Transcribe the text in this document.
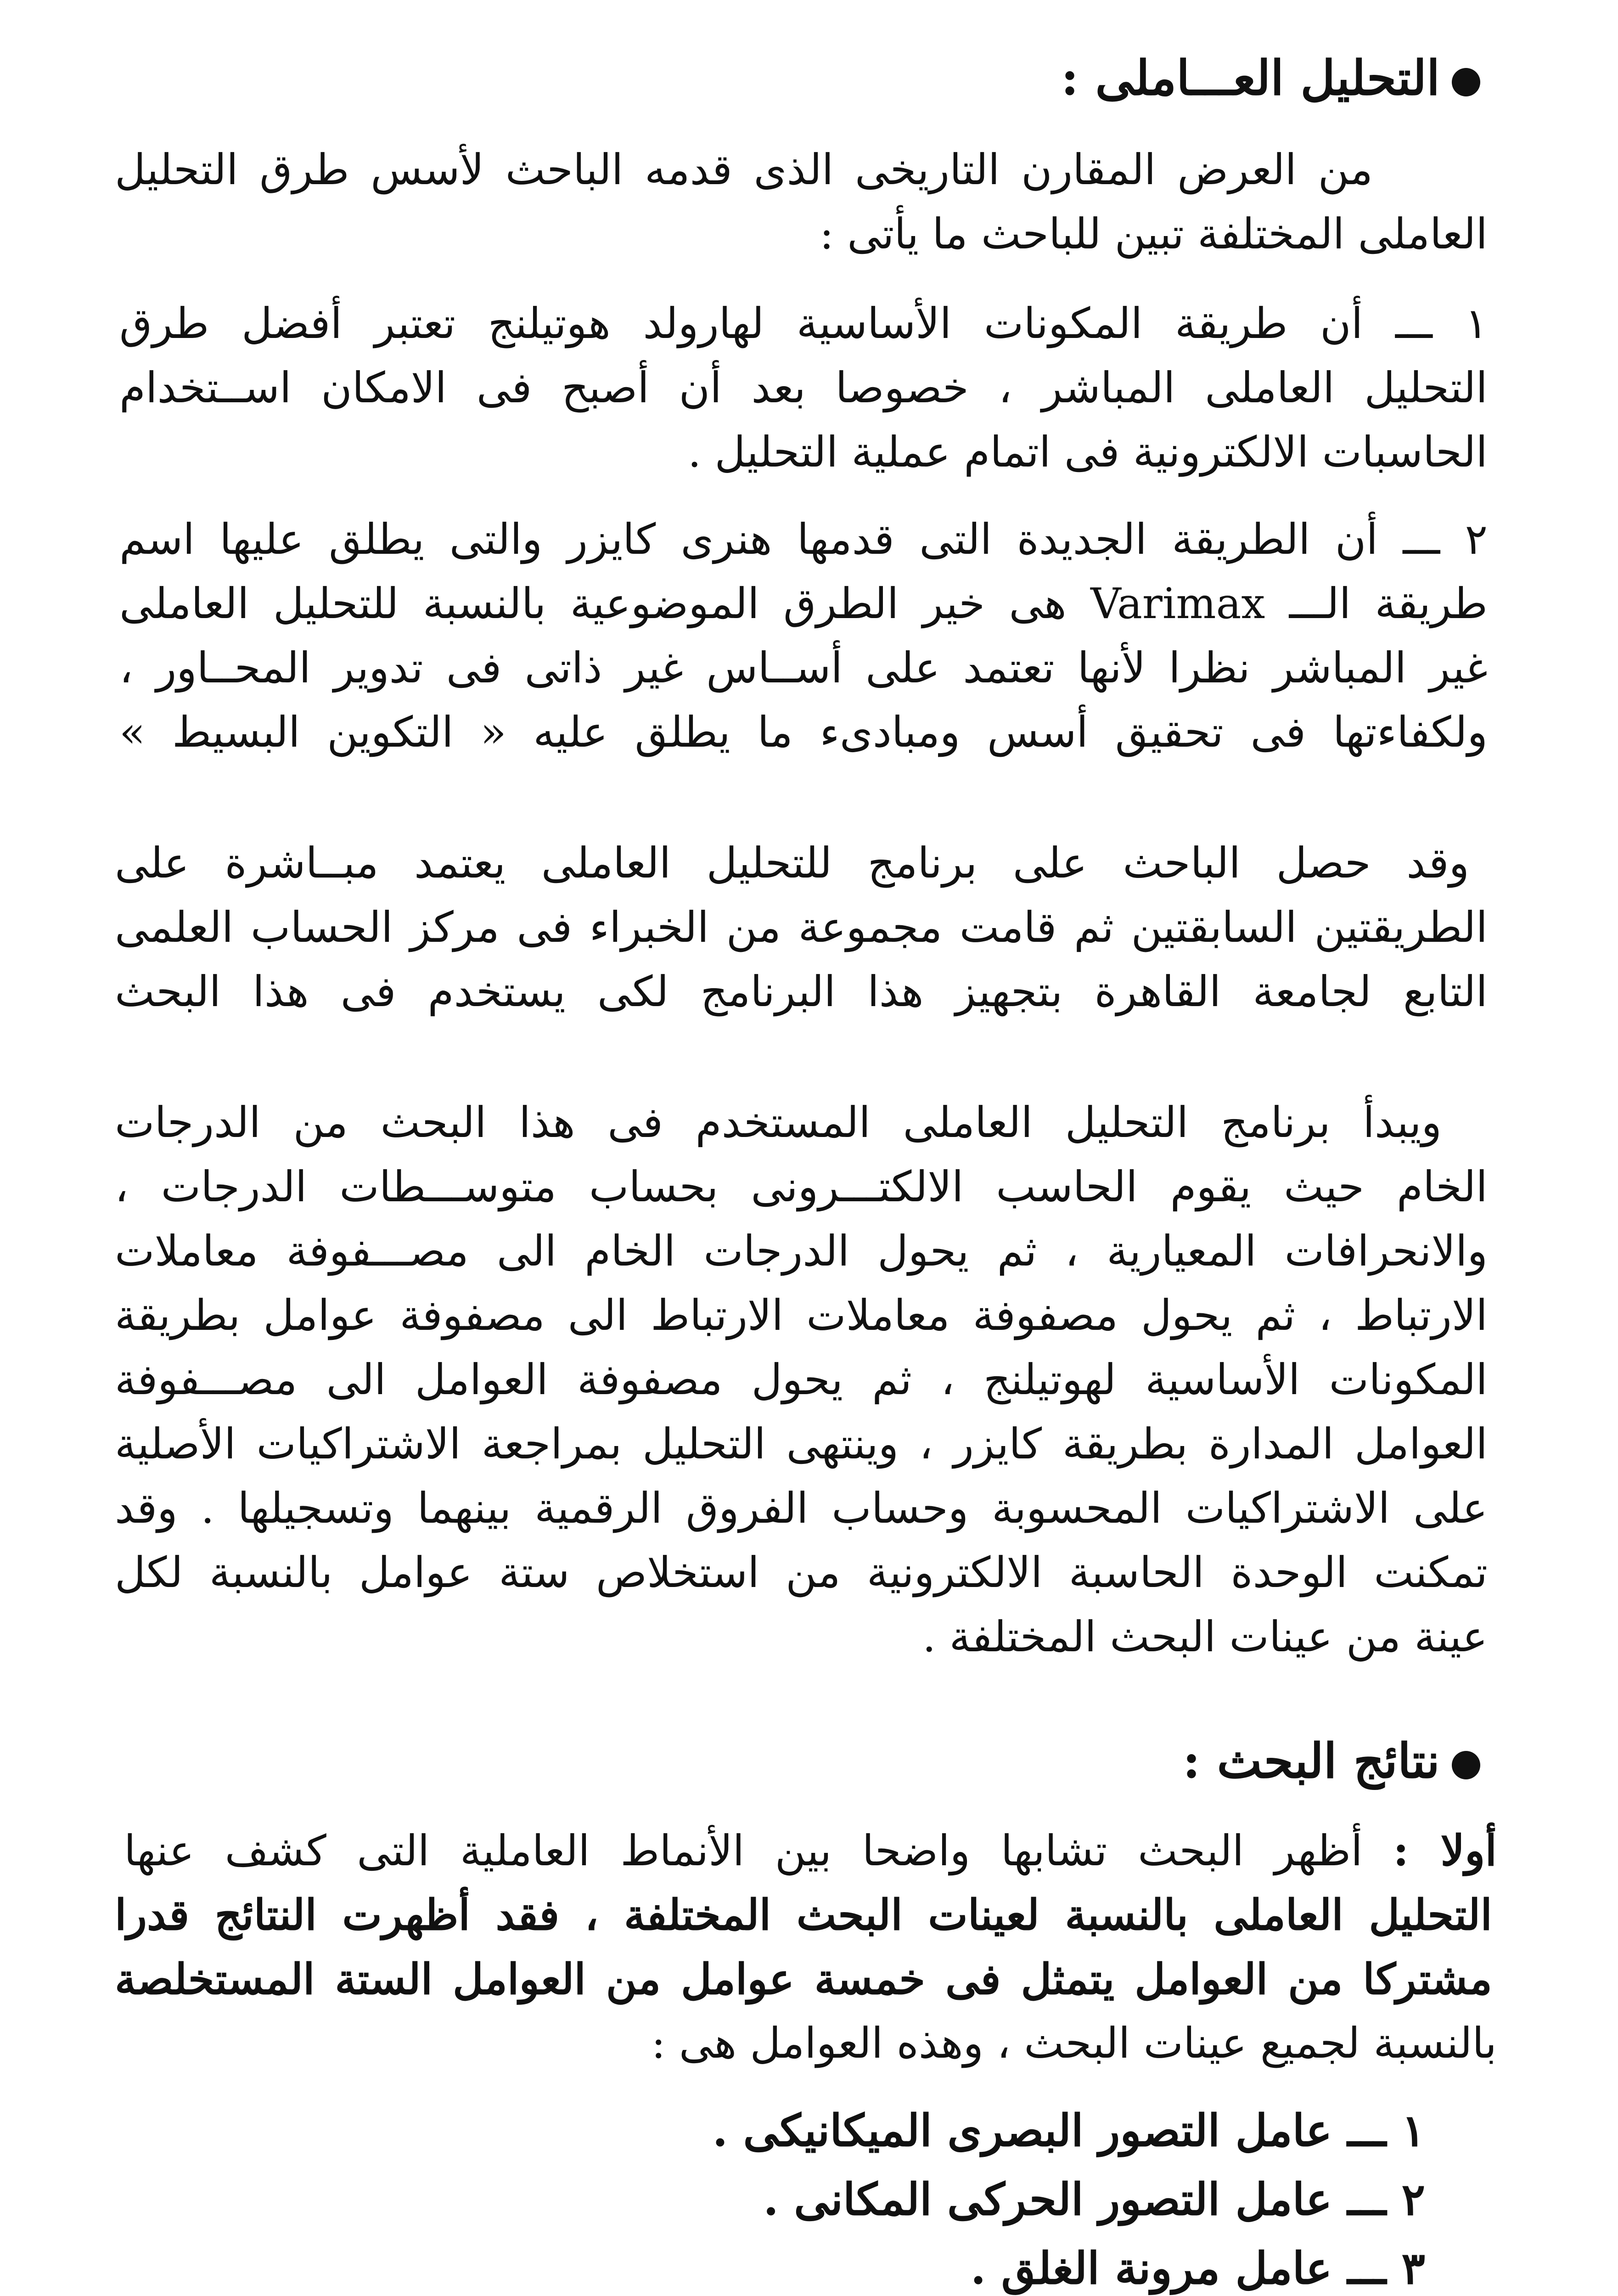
التحليل العـــاملى :
من العرض المقارن التاريخى الذى قدمه الباحث لأسس طرق التحليل
العاملى المختلفة تبين للباحث ما يأتى :
١ ـــ أن طريقة المكونات الأساسية لهارولد هوتيلنج تعتبر أفضل طرق
التحليل العاملى المباشر ، خصوصا بعد أن أصبح فى الامكان اســتخدام
الحاسبات الالكترونية فى اتمام عملية التحليل .
٢ ـــ أن الطريقة الجديدة التى قدمها هنرى كايزر والتى يطلق عليها اسم
طريقة الـــ Varimax هى خير الطرق الموضوعية بالنسبة للتحليل العاملى
غير المباشر نظرا لأنها تعتمد على أســاس غير ذاتى فى تدوير المحــاور ،
ولكفاءتها فى تحقيق أسس ومبادىء ما يطلق عليه « التكوين البسيط »
وقد حصل الباحث على برنامج للتحليل العاملى يعتمد مبــاشرة على
الطريقتين السابقتين ثم قامت مجموعة من الخبراء فى مركز الحساب العلمى
التابع لجامعة القاهرة بتجهيز هذا البرنامج لكى يستخدم فى هذا البحث
ويبدأ برنامج التحليل العاملى المستخدم فى هذا البحث من الدرجات
الخام حيث يقوم الحاسب الالكتـــرونى بحساب متوســـطات الدرجات ،
والانحرافات المعيارية ، ثم يحول الدرجات الخام الى مصـــفوفة معاملات
الارتباط ، ثم يحول مصفوفة معاملات الارتباط الى مصفوفة عوامل بطريقة
المكونات الأساسية لهوتيلنج ، ثم يحول مصفوفة العوامل الى مصـــفوفة
العوامل المدارة بطريقة كايزر ، وينتهى التحليل بمراجعة الاشتراكيات الأصلية
على الاشتراكيات المحسوبة وحساب الفروق الرقمية بينهما وتسجيلها . وقد
تمكنت الوحدة الحاسبة الالكترونية من استخلاص ستة عوامل بالنسبة لكل
عينة من عينات البحث المختلفة .
نتائج البحث :
أولا : أظهر البحث تشابها واضحا بين الأنماط العاملية التى كشف عنها
التحليل العاملى بالنسبة لعينات البحث المختلفة ، فقد أظهرت النتائج قدرا
مشتركا من العوامل يتمثل فى خمسة عوامل من العوامل الستة المستخلصة
بالنسبة لجميع عينات البحث ، وهذه العوامل هى :
١ ـــ عامل التصور البصرى الميكانيكى .
٢ ـــ عامل التصور الحركى المكانى .
٣ ـــ عامل مرونة الغلق .
